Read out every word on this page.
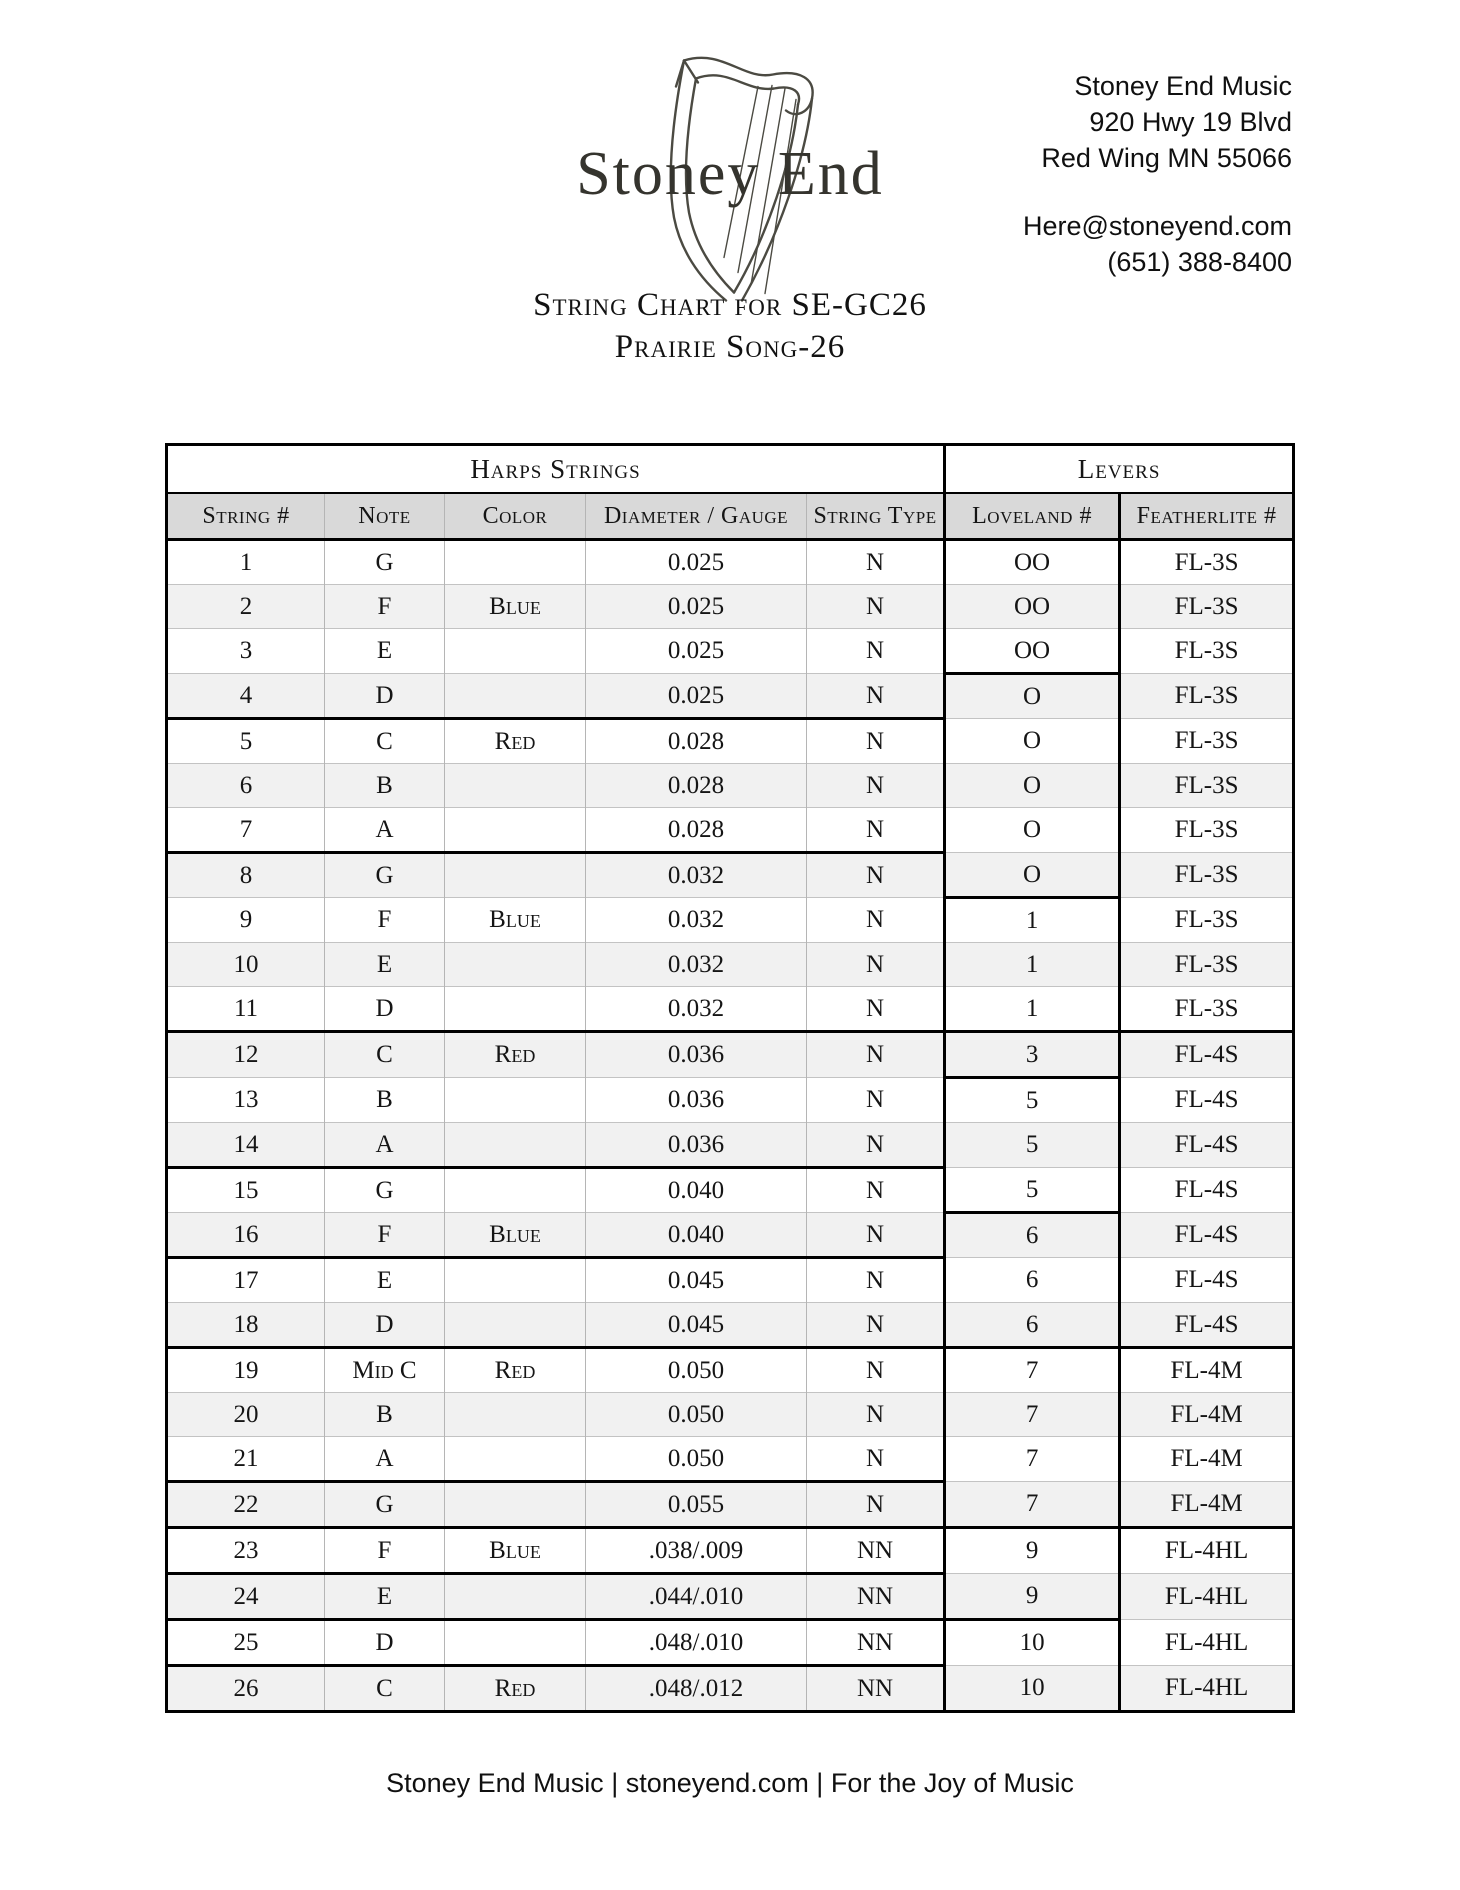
Stoney End
Stoney End Music
920 Hwy 19 Blvd
Red Wing MN 55066
Here@stoneyend.com
(651) 388-8400
String Chart for SE-GC26
Prairie Song-26
Harps Strings					Levers	
String #	Note	Color	Diameter / Gauge	String Type	Loveland #	Featherlite #
1	G		0.025	N	OO	FL-3S
2	F	Blue	0.025	N	OO	FL-3S
3	E		0.025	N	OO	FL-3S
4	D		0.025	N	O	FL-3S
5	C	Red	0.028	N	O	FL-3S
6	B		0.028	N	O	FL-3S
7	A		0.028	N	O	FL-3S
8	G		0.032	N	O	FL-3S
9	F	Blue	0.032	N	1	FL-3S
10	E		0.032	N	1	FL-3S
11	D		0.032	N	1	FL-3S
12	C	Red	0.036	N	3	FL-4S
13	B		0.036	N	5	FL-4S
14	A		0.036	N	5	FL-4S
15	G		0.040	N	5	FL-4S
16	F	Blue	0.040	N	6	FL-4S
17	E		0.045	N	6	FL-4S
18	D		0.045	N	6	FL-4S
19	Mid C	Red	0.050	N	7	FL-4M
20	B		0.050	N	7	FL-4M
21	A		0.050	N	7	FL-4M
22	G		0.055	N	7	FL-4M
23	F	Blue	.038/.009	NN	9	FL-4HL
24	E		.044/.010	NN	9	FL-4HL
25	D		.048/.010	NN	10	FL-4HL
26	C	Red	.048/.012	NN	10	FL-4HL
Stoney End Music | stoneyend.com | For the Joy of Music
